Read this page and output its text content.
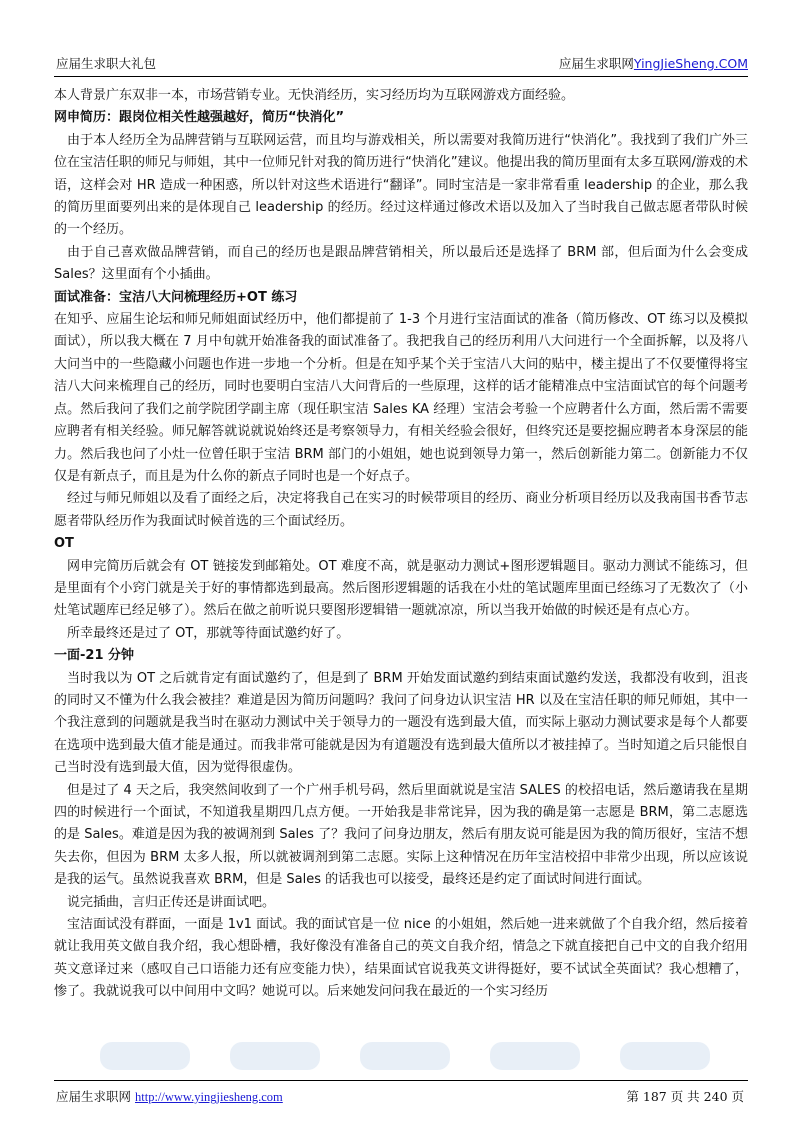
应届生求职大礼包	应届生求职网YingJieSheng.COM

本人背景广东双非一本，市场营销专业。无快消经历，实习经历均为互联网游戏方面经验。

网申简历：跟岗位相关性越强越好，简历“快消化”

由于本人经历全为品牌营销与互联网运营，而且均与游戏相关，所以需要对我简历进行“快消化”。我找到了我们广外三位在宝洁任职的师兄与师姐，其中一位师兄针对我的简历进行“快消化”建议。他提出我的简历里面有太多互联网/游戏的术语，这样会对 HR 造成一种困惑，所以针对这些术语进行“翻译”。同时宝洁是一家非常看重 leadership 的企业，那么我的简历里面要列出来的是体现自己 leadership 的经历。经过这样通过修改术语以及加入了当时我自己做志愿者带队时候的一个经历。

由于自己喜欢做品牌营销，而自己的经历也是跟品牌营销相关，所以最后还是选择了 BRM 部，但后面为什么会变成 Sales？这里面有个小插曲。

面试准备：宝洁八大问梳理经历+OT 练习

在知乎、应届生论坛和师兄师姐面试经历中，他们都提前了 1-3 个月进行宝洁面试的准备（简历修改、OT 练习以及模拟面试），所以我大概在 7 月中旬就开始准备我的面试准备了。我把我自己的经历利用八大问进行一个全面拆解，以及将八大问当中的一些隐藏小问题也作进一步地一个分析。但是在知乎某个关于宝洁八大问的贴中，楼主提出了不仅要懂得将宝洁八大问来梳理自己的经历，同时也要明白宝洁八大问背后的一些原理，这样的话才能精准点中宝洁面试官的每个问题考点。然后我问了我们之前学院团学副主席（现任职宝洁 Sales KA 经理）宝洁会考验一个应聘者什么方面，然后需不需要应聘者有相关经验。师兄解答就说就说始终还是考察领导力，有相关经验会很好，但终究还是要挖掘应聘者本身深层的能力。然后我也问了小灶一位曾任职于宝洁 BRM 部门的小姐姐，她也说到领导力第一，然后创新能力第二。创新能力不仅仅是有新点子，而且是为什么你的新点子同时也是一个好点子。

经过与师兄师姐以及看了面经之后，决定将我自己在实习的时候带项目的经历、商业分析项目经历以及我南国书香节志愿者带队经历作为我面试时候首选的三个面试经历。

OT

网申完简历后就会有 OT 链接发到邮箱处。OT 难度不高，就是驱动力测试+图形逻辑题目。驱动力测试不能练习，但是里面有个小窍门就是关于好的事情都选到最高。然后图形逻辑题的话我在小灶的笔试题库里面已经练习了无数次了（小灶笔试题库已经足够了）。然后在做之前听说只要图形逻辑错一题就凉凉，所以当我开始做的时候还是有点心方。

所幸最终还是过了 OT，那就等待面试邀约好了。

一面-21 分钟

当时我以为 OT 之后就肯定有面试邀约了，但是到了 BRM 开始发面试邀约到结束面试邀约发送，我都没有收到，沮丧的同时又不懂为什么我会被挂？难道是因为简历问题吗？我问了问身边认识宝洁 HR 以及在宝洁任职的师兄师姐，其中一个我注意到的问题就是我当时在驱动力测试中关于领导力的一题没有选到最大值，而实际上驱动力测试要求是每个人都要在选项中选到最大值才能是通过。而我非常可能就是因为有道题没有选到最大值所以才被挂掉了。当时知道之后只能恨自己当时没有选到最大值，因为觉得很虚伪。

但是过了 4 天之后，我突然间收到了一个广州手机号码，然后里面就说是宝洁 SALES 的校招电话，然后邀请我在星期四的时候进行一个面试，不知道我星期四几点方便。一开始我是非常诧异，因为我的确是第一志愿是 BRM，第二志愿选的是 Sales。难道是因为我的被调剂到 Sales 了？我问了问身边朋友，然后有朋友说可能是因为我的简历很好，宝洁不想失去你，但因为 BRM 太多人报，所以就被调剂到第二志愿。实际上这种情况在历年宝洁校招中非常少出现，所以应该说是我的运气。虽然说我喜欢 BRM，但是 Sales 的话我也可以接受，最终还是约定了面试时间进行面试。

说完插曲，言归正传还是讲面试吧。

宝洁面试没有群面，一面是 1v1 面试。我的面试官是一位 nice 的小姐姐，然后她一进来就做了个自我介绍，然后接着就让我用英文做自我介绍，我心想卧槽，我好像没有准备自己的英文自我介绍，情急之下就直接把自己中文的自我介绍用英文意译过来（感叹自己口语能力还有应变能力快），结果面试官说我英文讲得挺好，要不试试全英面试？我心想糟了，惨了。我就说我可以中间用中文吗？她说可以。后来她发问问我在最近的一个实习经历

应届生求职网 http://www.yingjiesheng.com	第 187 页 共 240 页
